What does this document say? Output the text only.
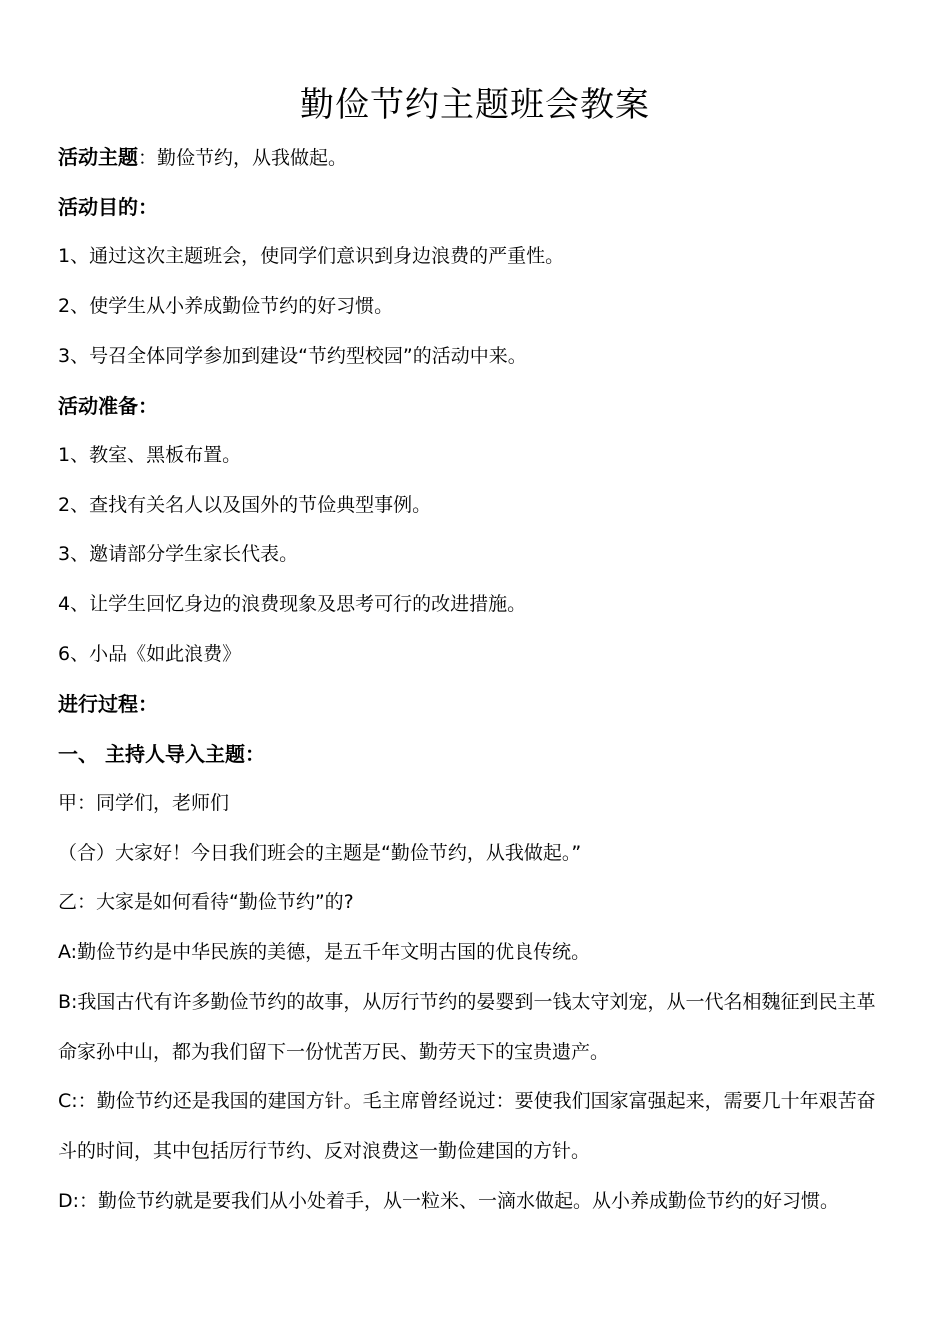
勤俭节约主题班会教案

活动主题：勤俭节约，从我做起。

活动目的：

1、通过这次主题班会，使同学们意识到身边浪费的严重性。

2、使学生从小养成勤俭节约的好习惯。

3、号召全体同学参加到建设“节约型校园”的活动中来。

活动准备：

1、教室、黑板布置。

2、查找有关名人以及国外的节俭典型事例。

3、邀请部分学生家长代表。

4、让学生回忆身边的浪费现象及思考可行的改进措施。

6、小品《如此浪费》

进行过程：

一、 主持人导入主题：

甲：同学们，老师们

（合）大家好！今日我们班会的主题是“勤俭节约，从我做起。”

乙：大家是如何看待“勤俭节约”的?

A:勤俭节约是中华民族的美德，是五千年文明古国的优良传统。

B:我国古代有许多勤俭节约的故事，从厉行节约的晏婴到一钱太守刘宠，从一代名相魏征到民主革命家孙中山，都为我们留下一份忧苦万民、勤劳天下的宝贵遗产。

C:：勤俭节约还是我国的建国方针。毛主席曾经说过：要使我们国家富强起来，需要几十年艰苦奋斗的时间，其中包括厉行节约、反对浪费这一勤俭建国的方针。

D:：勤俭节约就是要我们从小处着手，从一粒米、一滴水做起。从小养成勤俭节约的好习惯。
